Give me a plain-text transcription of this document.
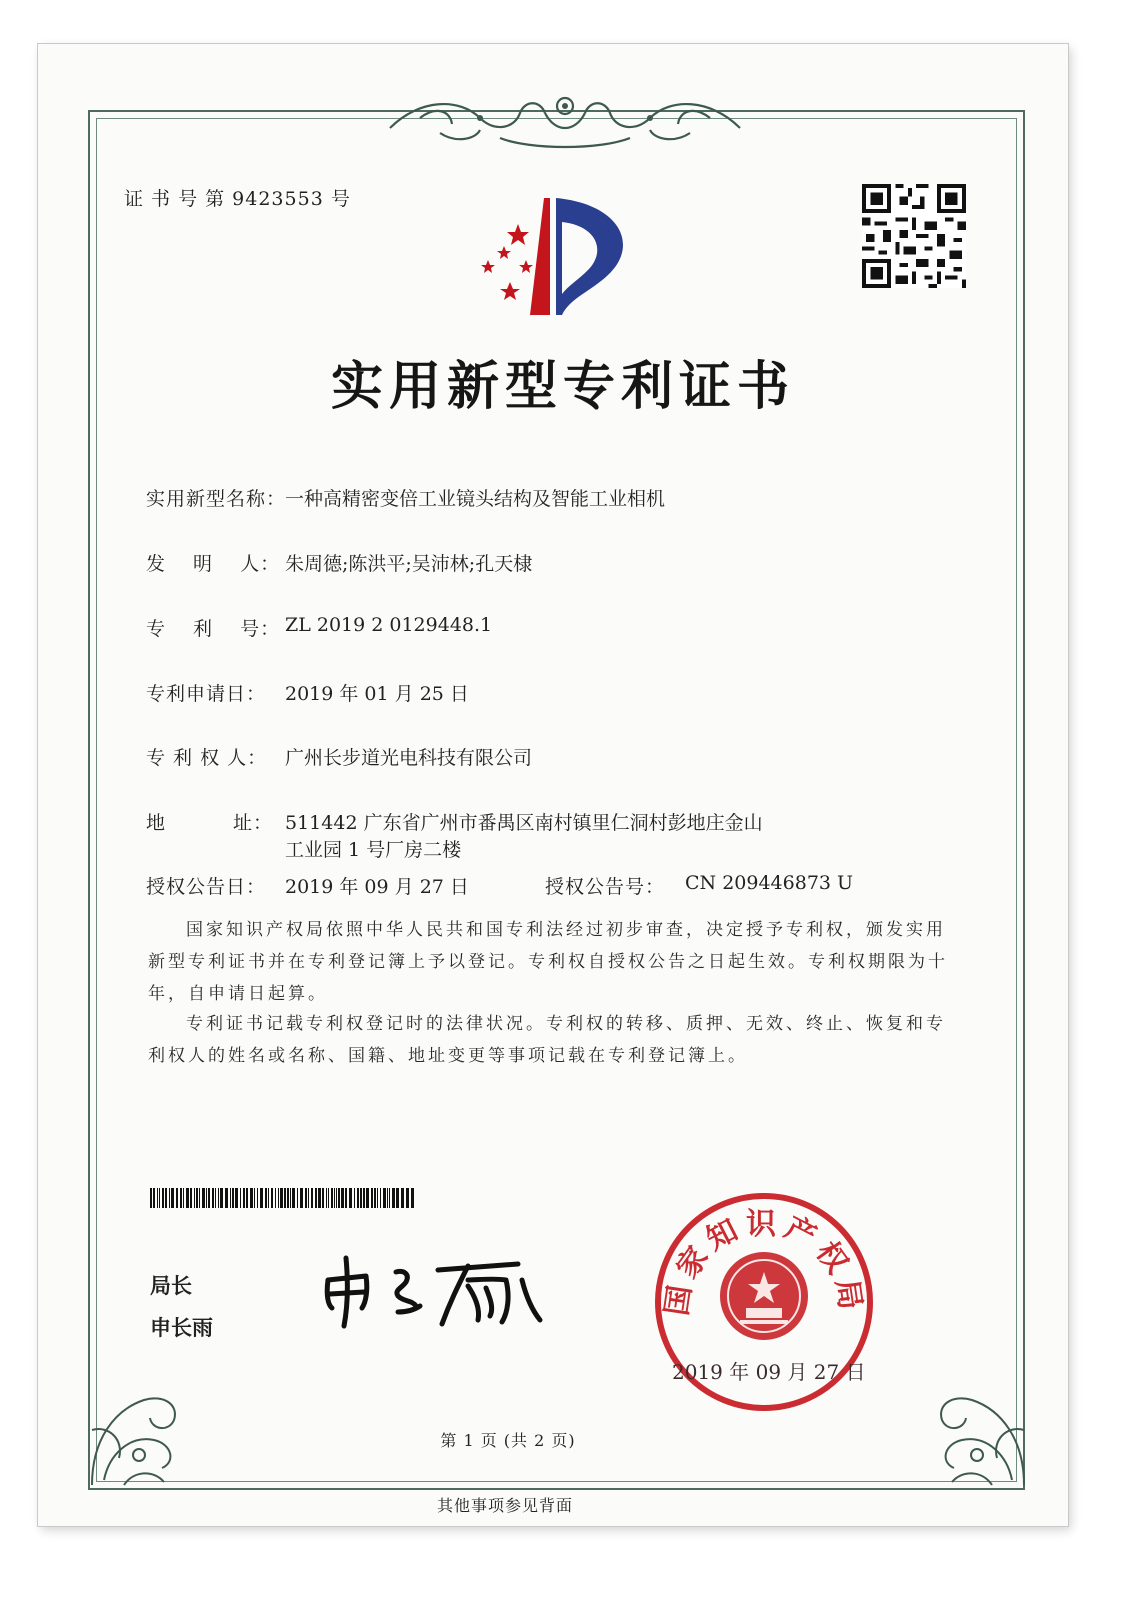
证 书 号 第 9423553 号
实用新型专利证书
实用新型名称：
一种高精密变倍工业镜头结构及智能工业相机
发　 明　 人： 朱周德;陈洪平;吴沛林;孔天棣
专　 利　 号： ZL 2019 2 0129448.1
专利申请日： 2019 年 01 月 25 日
专 利 权 人： 广州长步道光电科技有限公司
地　　　 址： 511442 广东省广州市番禺区南村镇里仁洞村彭地庄金山
工业园 1 号厂房二楼
授权公告日： 2019 年 09 月 27 日	授权公告号： CN 209446873 U
国家知识产权局依照中华人民共和国专利法经过初步审查，决定授予专利权，颁发实用新型专利证书并在专利登记簿上予以登记。专利权自授权公告之日起生效。专利权期限为十年，自申请日起算。
专利证书记载专利权登记时的法律状况。专利权的转移、质押、无效、终止、恢复和专利权人的姓名或名称、国籍、地址变更等事项记载在专利登记簿上。
局长
申长雨
国家知识产权局
2019 年 09 月 27 日
第 1 页 (共 2 页)
其他事项参见背面
